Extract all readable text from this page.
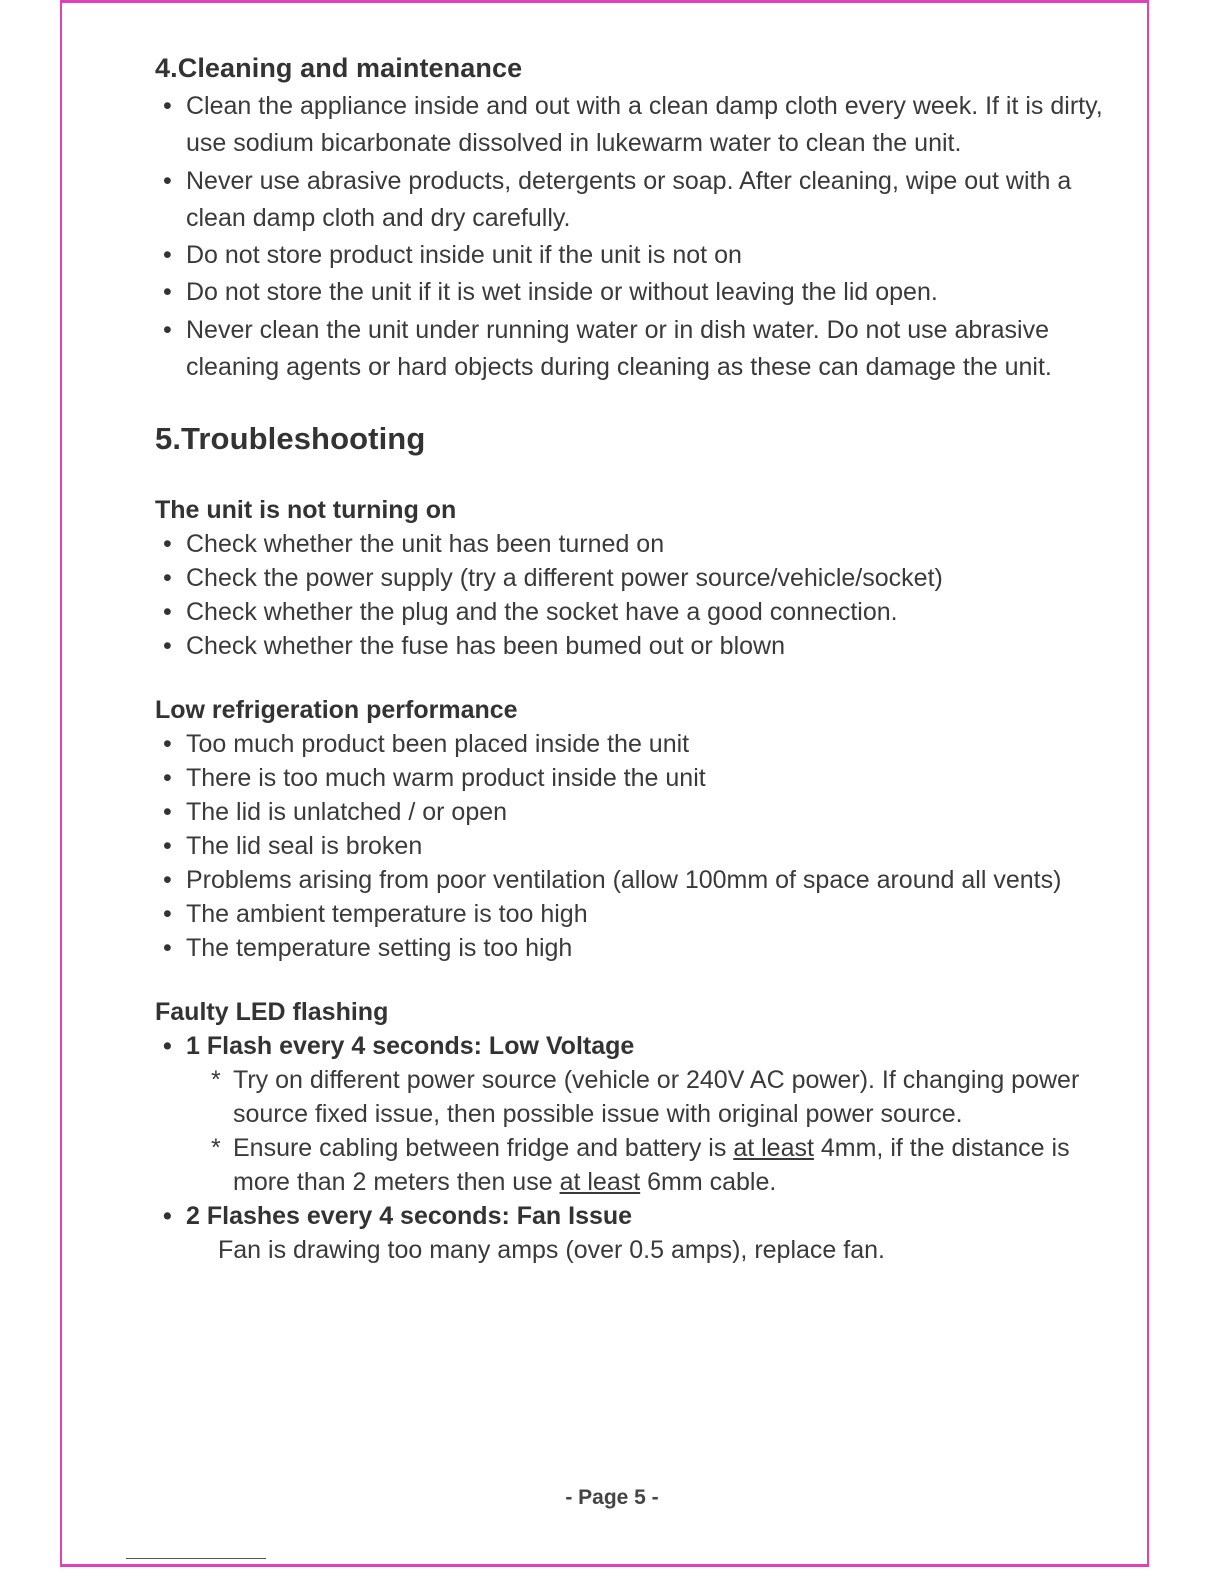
4.Cleaning and maintenance
• Clean the appliance inside and out with a clean damp cloth every week. If it is dirty, use sodium bicarbonate dissolved in lukewarm water to clean the unit.
• Never use abrasive products, detergents or soap. After cleaning, wipe out with a clean damp cloth and dry carefully.
• Do not store product inside unit if the unit is not on
• Do not store the unit if it is wet inside or without leaving the lid open.
• Never clean the unit under running water or in dish water. Do not use abrasive cleaning agents or hard objects during cleaning as these can damage the unit.
5.Troubleshooting
The unit is not turning on
• Check whether the unit has been turned on
• Check the power supply (try a different power source/vehicle/socket)
• Check whether the plug and the socket have a good connection.
• Check whether the fuse has been bumed out or blown
Low refrigeration performance
• Too much product been placed inside the unit
• There is too much warm product inside the unit
• The lid is unlatched / or open
• The lid seal is broken
• Problems arising from poor ventilation (allow 100mm of space around all vents)
• The ambient temperature is too high
• The temperature setting is too high
Faulty LED flashing
• 1 Flash every 4 seconds: Low Voltage
* Try on different power source (vehicle or 240V AC power). If changing power source fixed issue, then possible issue with original power source.
* Ensure cabling between fridge and battery is at least 4mm, if the distance is more than 2 meters then use at least 6mm cable.
• 2 Flashes every 4 seconds: Fan Issue
Fan is drawing too many amps (over 0.5 amps), replace fan.
- Page 5 -
